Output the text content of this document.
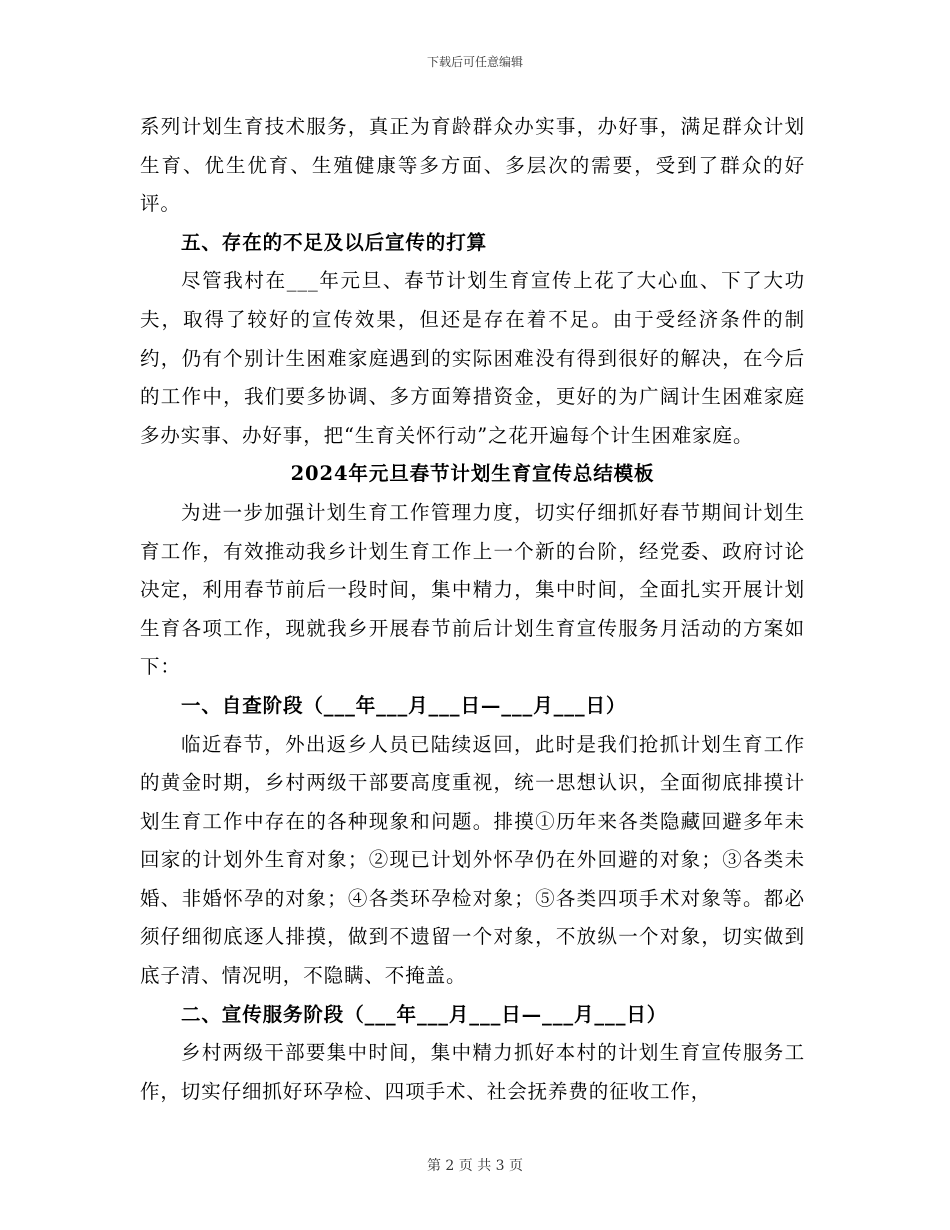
下载后可任意编辑

系列计划生育技术服务，真正为育龄群众办实事，办好事，满足群众计划生育、优生优育、生殖健康等多方面、多层次的需要，受到了群众的好评。

五、存在的不足及以后宣传的打算

尽管我村在___年元旦、春节计划生育宣传上花了大心血、下了大功夫，取得了较好的宣传效果，但还是存在着不足。由于受经济条件的制约，仍有个别计生困难家庭遇到的实际困难没有得到很好的解决，在今后的工作中，我们要多协调、多方面筹措资金，更好的为广阔计生困难家庭多办实事、办好事，把“生育关怀行动”之花开遍每个计生困难家庭。

2024年元旦春节计划生育宣传总结模板

为进一步加强计划生育工作管理力度，切实仔细抓好春节期间计划生育工作，有效推动我乡计划生育工作上一个新的台阶，经党委、政府讨论决定，利用春节前后一段时间，集中精力，集中时间，全面扎实开展计划生育各项工作，现就我乡开展春节前后计划生育宣传服务月活动的方案如下：

一、自查阶段（___年___月___日—___月___日）

临近春节，外出返乡人员已陆续返回，此时是我们抢抓计划生育工作的黄金时期，乡村两级干部要高度重视，统一思想认识，全面彻底排摸计划生育工作中存在的各种现象和问题。排摸①历年来各类隐藏回避多年未回家的计划外生育对象；②现已计划外怀孕仍在外回避的对象；③各类未婚、非婚怀孕的对象；④各类环孕检对象；⑤各类四项手术对象等。都必须仔细彻底逐人排摸，做到不遗留一个对象，不放纵一个对象，切实做到底子清、情况明，不隐瞒、不掩盖。

二、宣传服务阶段（___年___月___日—___月___日）

乡村两级干部要集中时间，集中精力抓好本村的计划生育宣传服务工作，切实仔细抓好环孕检、四项手术、社会抚养费的征收工作，

第 2 页 共 3 页
